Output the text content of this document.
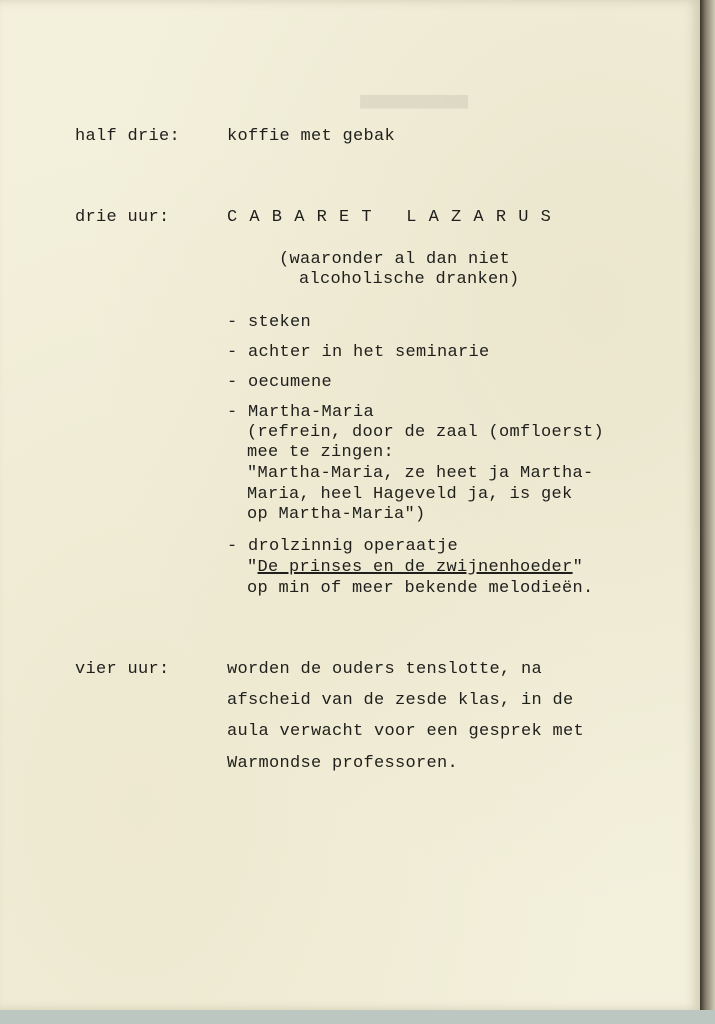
███████████████
half drie:	koffie met gebak
drie uur:	C A B A R E T   L A Z A R U S
(waaronder al dan niet
alcoholische dranken)
- steken
- achter in het seminarie
- oecumene
- Martha-Maria
(refrein, door de zaal (omfloerst)
mee te zingen:
"Martha-Maria, ze heet ja Martha-
Maria, heel Hageveld ja, is gek
op Martha-Maria")
- drolzinnig operaatje
"De prinses en de zwijnenhoeder"
op min of meer bekende melodieën.
vier uur:	worden de ouders tenslotte, na
afscheid van de zesde klas, in de
aula verwacht voor een gesprek met
Warmondse professoren.
